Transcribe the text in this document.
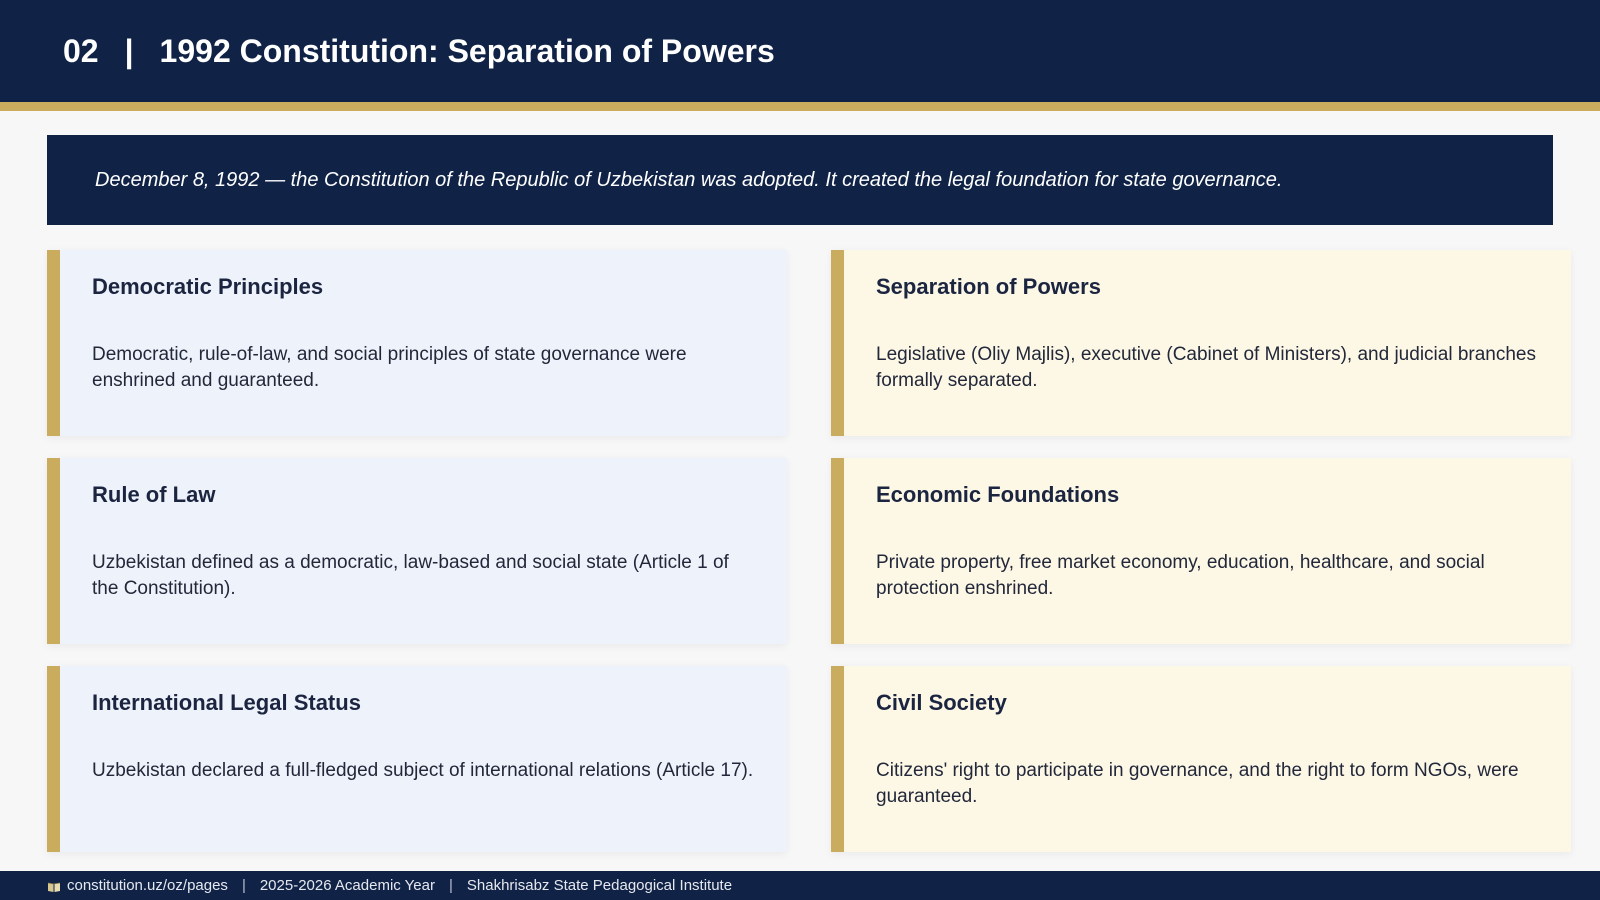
02 | 1992 Constitution: Separation of Powers
December 8, 1992 — the Constitution of the Republic of Uzbekistan was adopted. It created the legal foundation for state governance.

Democratic Principles

Democratic, rule-of-law, and social principles of state governance were enshrined and guaranteed.

Separation of Powers

Legislative (Oliy Majlis), executive (Cabinet of Ministers), and judicial branches formally separated.

Rule of Law

Uzbekistan defined as a democratic, law-based and social state (Article 1 of the Constitution).

Economic Foundations

Private property, free market economy, education, healthcare, and social protection enshrined.

International Legal Status

Uzbekistan declared a full-fledged subject of international relations (Article 17).

Civil Society

Citizens' right to participate in governance, and the right to form NGOs, were guaranteed.

constitution.uz/oz/pages | 2025-2026 Academic Year | Shakhrisabz State Pedagogical Institute
